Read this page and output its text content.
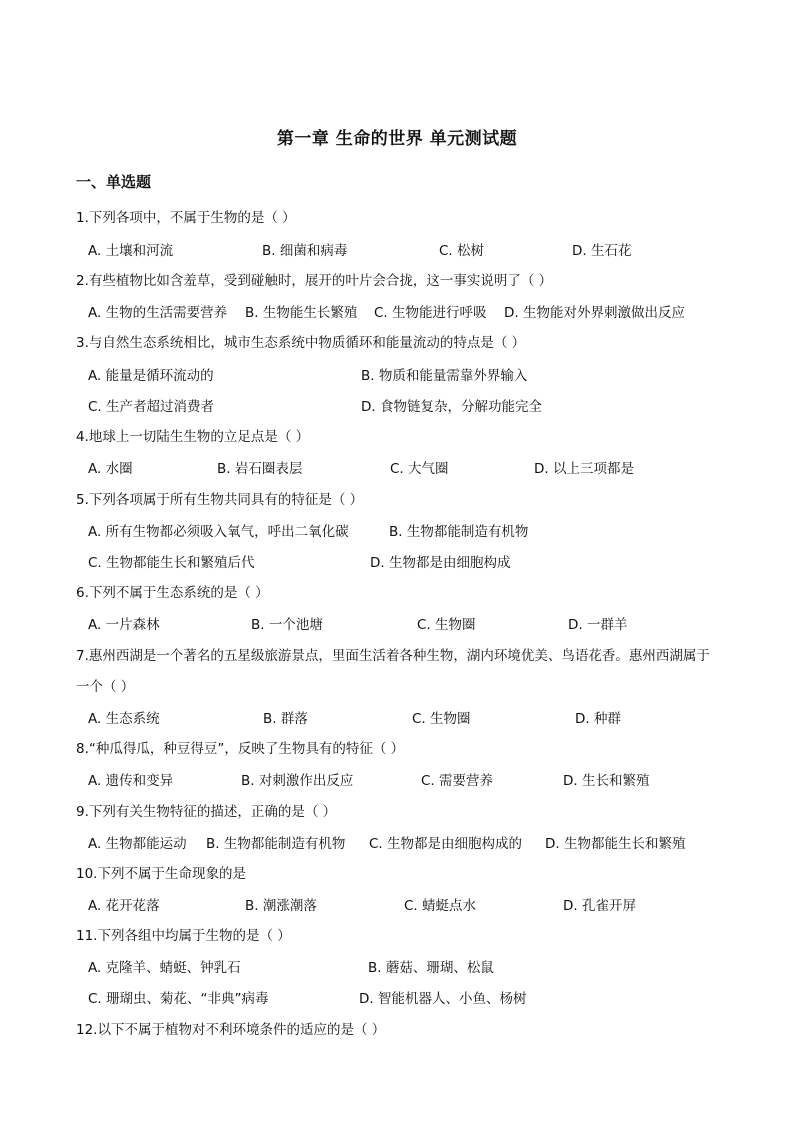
第一章 生命的世界 单元测试题
一、单选题
1.下列各项中，不属于生物的是（ ）
A. 土壤和河流	B. 细菌和病毒	C. 松树	D. 生石花
2.有些植物比如含羞草，受到碰触时，展开的叶片会合拢，这一事实说明了（ ）
A. 生物的生活需要营养 B. 生物能生长繁殖 C. 生物能进行呼吸 D. 生物能对外界刺激做出反应
3.与自然生态系统相比，城市生态系统中物质循环和能量流动的特点是（ ）
A. 能量是循环流动的	B. 物质和能量需靠外界输入
C. 生产者超过消费者	D. 食物链复杂，分解功能完全
4.地球上一切陆生生物的立足点是（ ）
A. 水圈	B. 岩石圈表层	C. 大气圈	D. 以上三项都是
5.下列各项属于所有生物共同具有的特征是（ ）
A. 所有生物都必须吸入氧气，呼出二氧化碳	B. 生物都能制造有机物
C. 生物都能生长和繁殖后代	D. 生物都是由细胞构成
6.下列不属于生态系统的是（ ）
A. 一片森林	B. 一个池塘	C. 生物圈	D. 一群羊
7.惠州西湖是一个著名的五星级旅游景点，里面生活着各种生物，湖内环境优美、鸟语花香。惠州西湖属于一个（ ）
A. 生态系统	B. 群落	C. 生物圈	D. 种群
8.“种瓜得瓜，种豆得豆”，反映了生物具有的特征（ ）
A. 遗传和变异	B. 对刺激作出反应	C. 需要营养	D. 生长和繁殖
9.下列有关生物特征的描述，正确的是（ ）
A. 生物都能运动 B. 生物都能制造有机物 C. 生物都是由细胞构成的 D. 生物都能生长和繁殖
10.下列不属于生命现象的是
A. 花开花落	B. 潮涨潮落	C. 蜻蜓点水	D. 孔雀开屏
11.下列各组中均属于生物的是（ ）
A. 克隆羊、蜻蜓、钟乳石	B. 蘑菇、珊瑚、松鼠
C. 珊瑚虫、菊花、“非典”病毒	D. 智能机器人、小鱼、杨树
12.以下不属于植物对不利环境条件的适应的是（ ）
